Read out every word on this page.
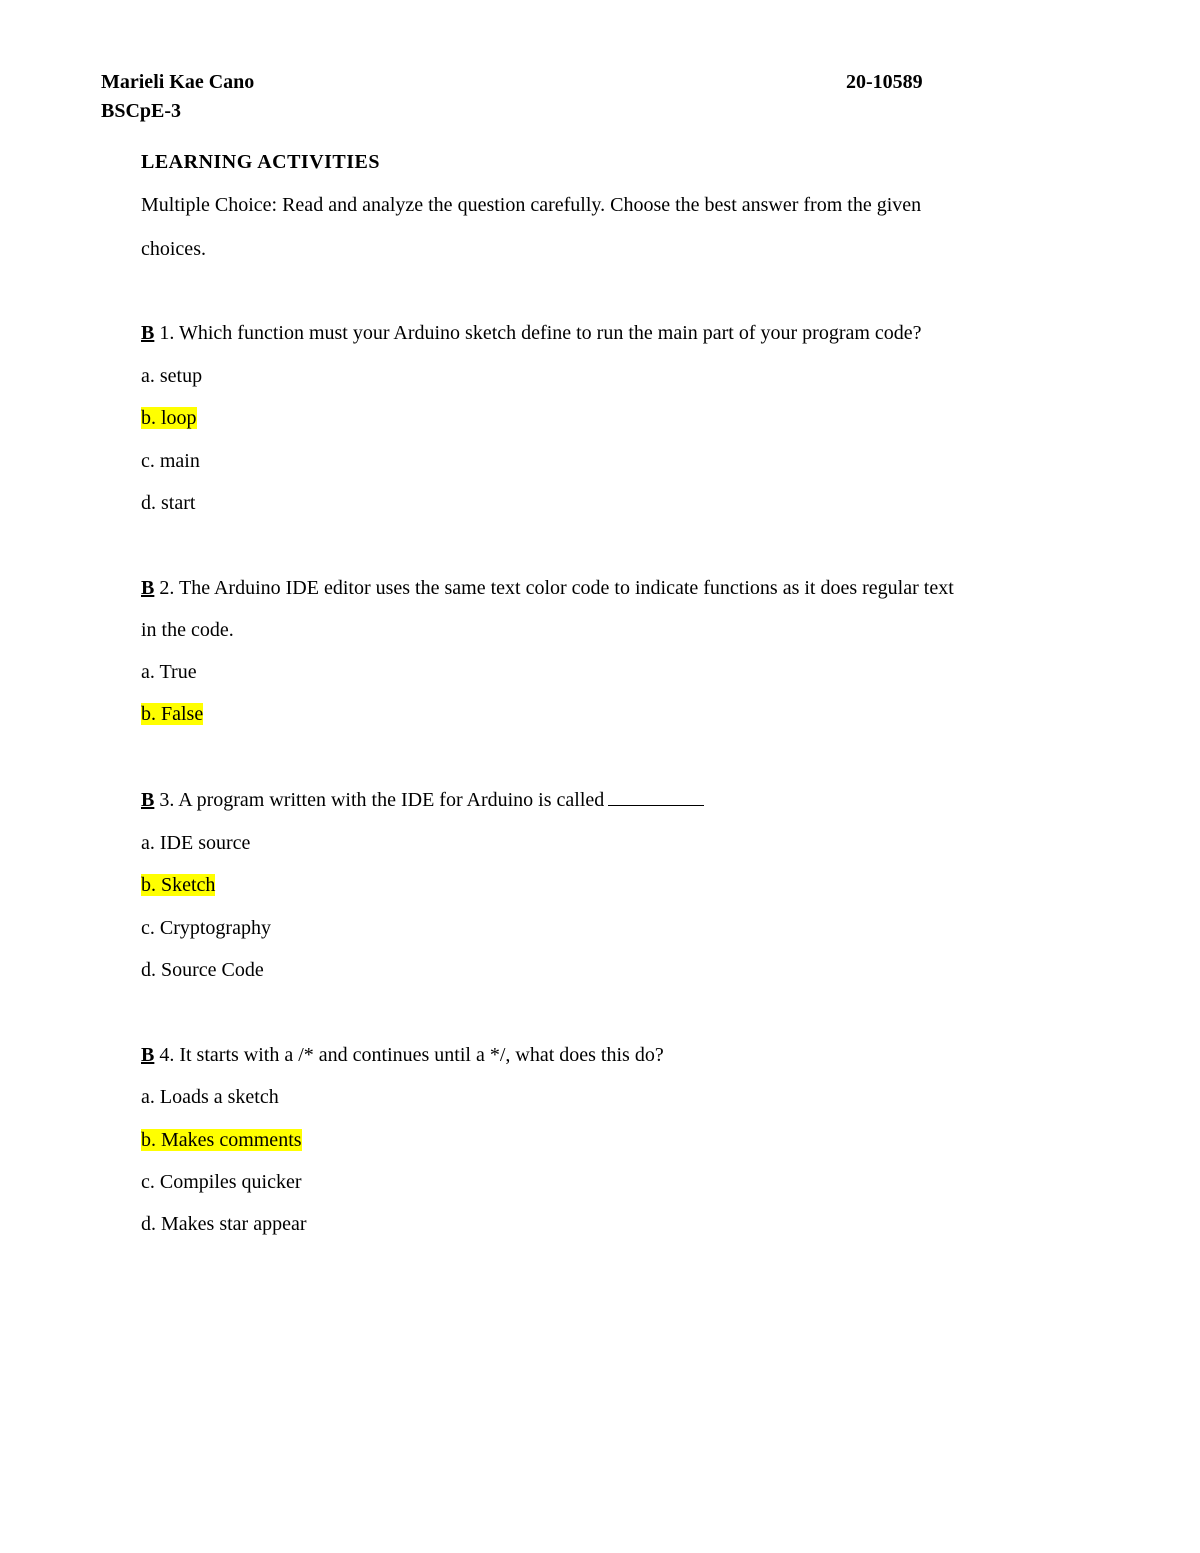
Marieli Kae Cano	20-10589
BSCpE-3
LEARNING ACTIVITIES
Multiple Choice: Read and analyze the question carefully. Choose the best answer from the given
choices.
B 1. Which function must your Arduino sketch define to run the main part of your program code?
a. setup
b. loop
c. main
d. start
B 2. The Arduino IDE editor uses the same text color code to indicate functions as it does regular text
in the code.
a. True
b. False
B 3. A program written with the IDE for Arduino is called
a. IDE source
b. Sketch
c. Cryptography
d. Source Code
B 4. It starts with a /* and continues until a */, what does this do?
a. Loads a sketch
b. Makes comments
c. Compiles quicker
d. Makes star appear
